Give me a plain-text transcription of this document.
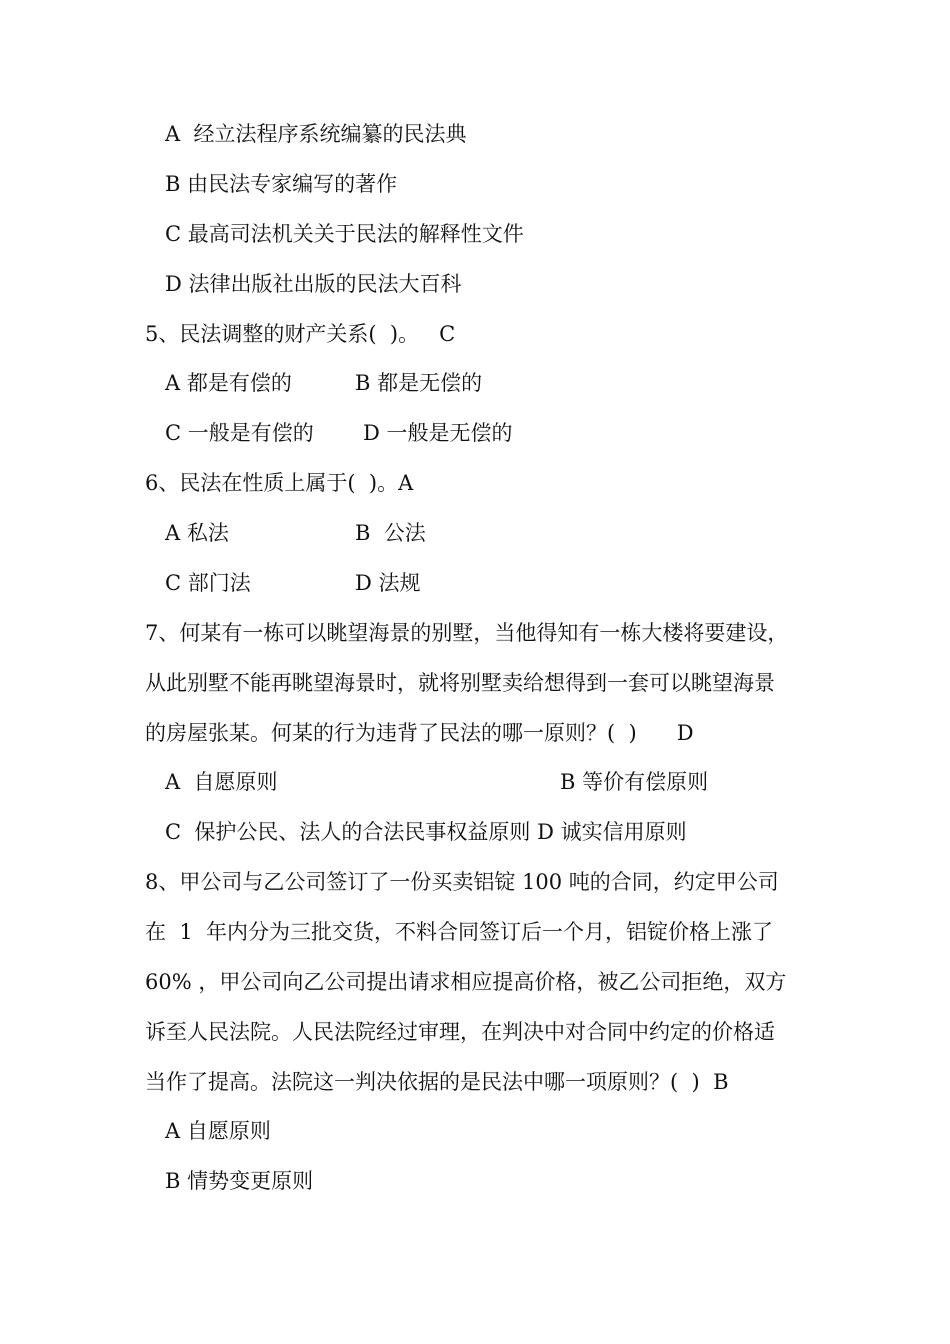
A  经立法程序系统编纂的民法典
B 由民法专家编写的著作
C 最高司法机关关于民法的解释性文件
D 法律出版社出版的民法大百科
5、民法调整的财产关系(  )。   C
A 都是有偿的	B 都是无偿的
C 一般是有偿的 D 一般是无偿的
6、民法在性质上属于(  )。A
A 私法	B  公法
C 部门法	D 法规
7、何某有一栋可以眺望海景的别墅，当他得知有一栋大楼将要建设，
从此别墅不能再眺望海景时，就将别墅卖给想得到一套可以眺望海景
的房屋张某。何某的行为违背了民法的哪一原则？(  )      D
A  自愿原则	B 等价有偿原则
C  保护公民、法人的合法民事权益原则 D 诚实信用原则
8、甲公司与乙公司签订了一份买卖铝锭 100 吨的合同，约定甲公司
在  1  年内分为三批交货，不料合同签订后一个月，铝锭价格上涨了
60% ，甲公司向乙公司提出请求相应提高价格，被乙公司拒绝，双方
诉至人民法院。人民法院经过审理，在判决中对合同中约定的价格适
当作了提高。法院这一判决依据的是民法中哪一项原则？(  )  B
A 自愿原则
B 情势变更原则
